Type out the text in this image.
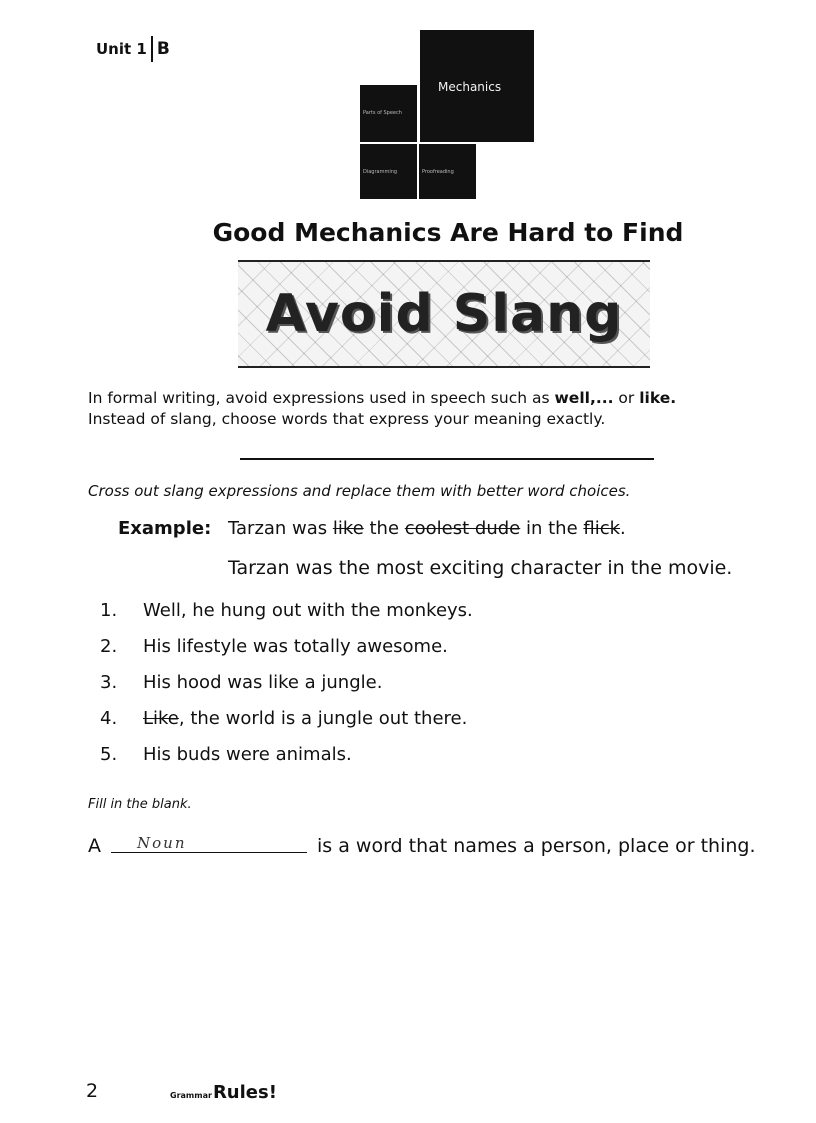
Unit 1 B
Mechanics
Parts of Speech
Diagramming	Proofreading
Good Mechanics Are Hard to Find
Avoid Slang
In formal writing, avoid expressions used in speech such as well,... or like.
Instead of slang, choose words that express your meaning exactly.
Cross out slang expressions and replace them with better word choices.
Example: Tarzan was like the coolest dude in the flick.
Tarzan was the most exciting character in the movie.
1.	Well, he hung out with the monkeys.
2.	His lifestyle was totally awesome.
3.	His hood was like a jungle.
4.	Like , the world is a jungle out there.
5.	His buds were animals.
Fill in the blank.
A Noun	is a word that names a person, place or thing.
2	Grammar Rules!
